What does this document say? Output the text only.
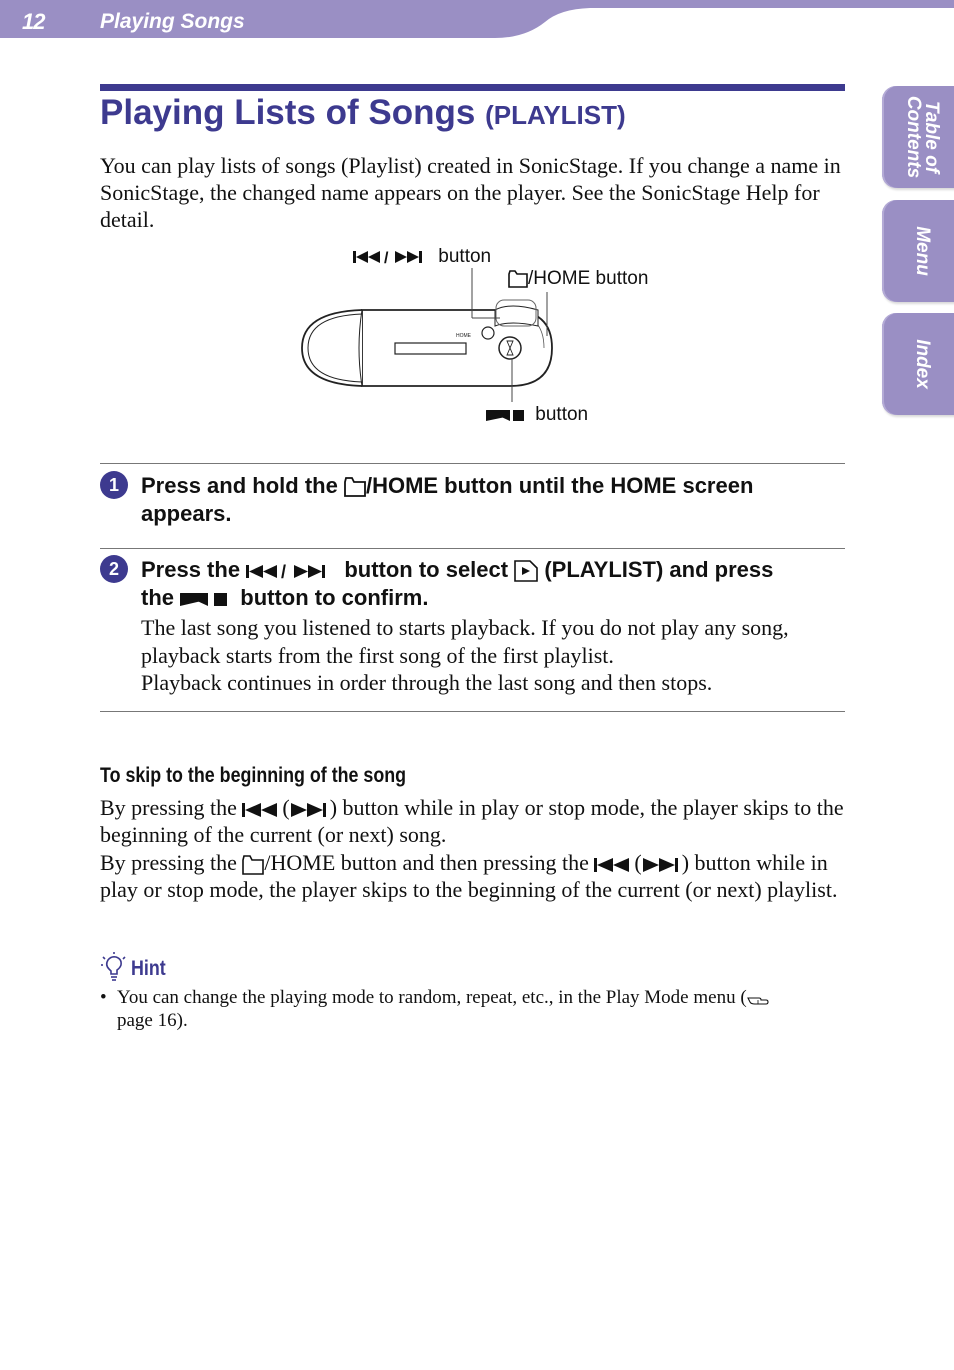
12	Playing Songs
Table of
Contents
Menu
Index
Playing Lists of Songs (PLAYLIST)
You can play lists of songs (Playlist) created in SonicStage. If you change a name in SonicStage, the changed name appears on the player. See the SonicStage Help for detail.
HOME
/	button
/HOME button
button
1	Press and hold the /HOME button until the HOME screen
appears.
2	Press the /	button to select (PLAYLIST) and press
the	button to confirm.
The last song you listened to starts playback. If you do not play any song, playback starts from the first song of the first playlist.
Playback continues in order through the last song and then stops.
To skip to the beginning of the song
By pressing the ( ) button while in play or stop mode, the player skips to the beginning of the current (or next) song.
By pressing the /HOME button and then pressing the ( ) button while in play or stop mode, the player skips to the beginning of the current (or next) playlist.
Hint
• You can change the playing mode to random, repeat, etc., in the Play Mode menu (
page 16).
